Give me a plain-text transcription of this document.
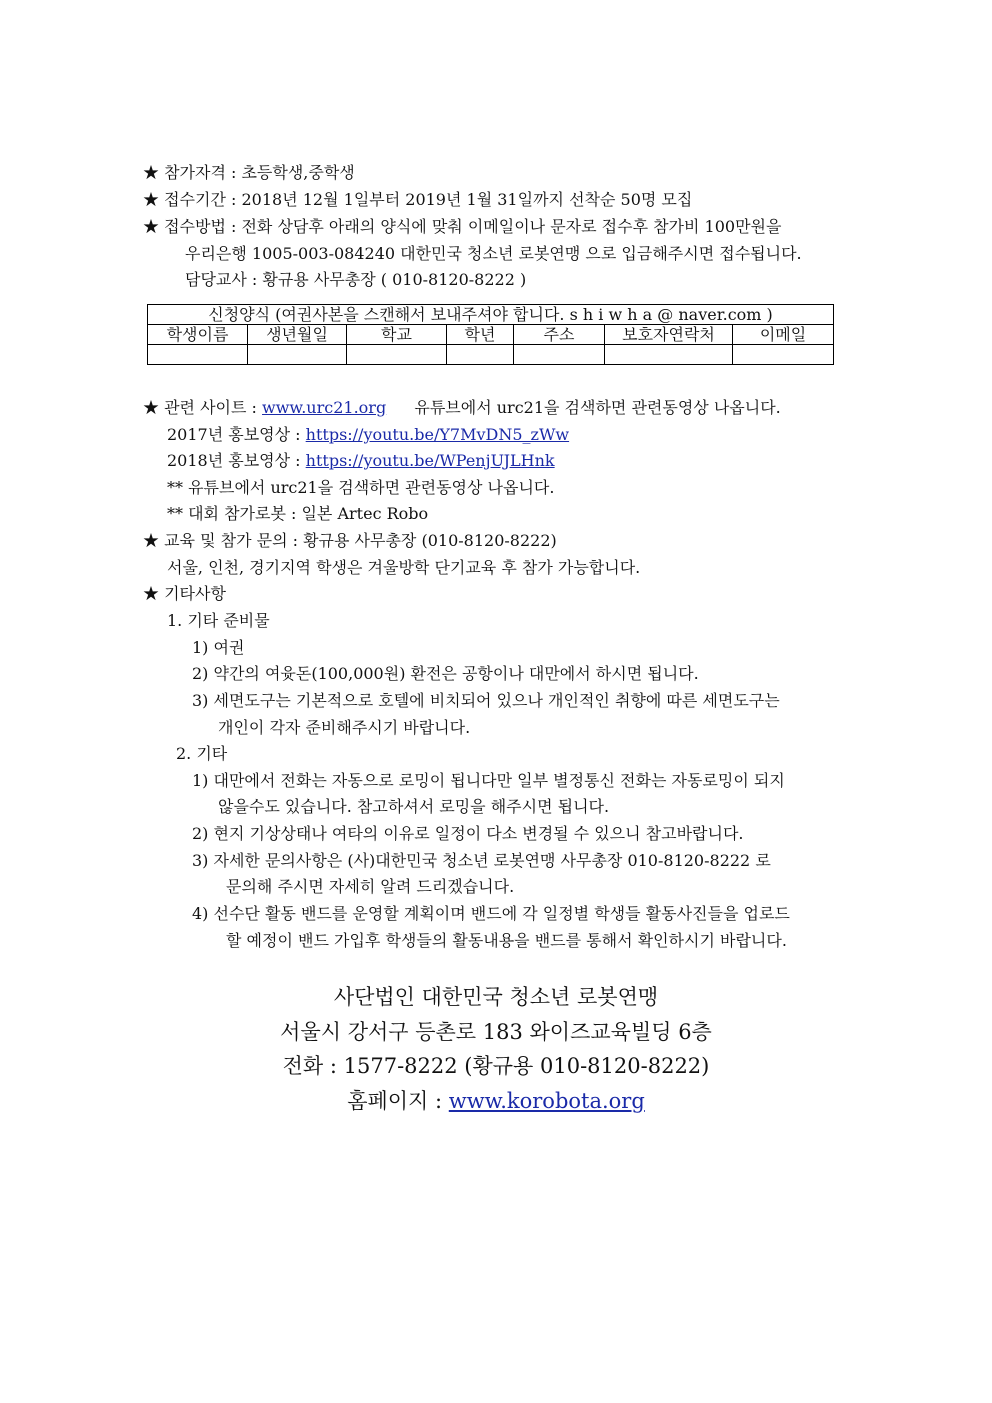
★ 참가자격 : 초등학생,중학생
★ 접수기간 : 2018년 12월 1일부터 2019년 1월 31일까지 선착순 50명 모집
★ 접수방법 : 전화 상담후 아래의 양식에 맞춰 이메일이나 문자로 접수후 참가비 100만원을
우리은행 1005-003-084240 대한민국 청소년 로봇연맹 으로 입금해주시면 접수됩니다.
담당교사 : 황규용 사무총장 ( 010-8120-8222 )
신청양식 (여권사본을 스캔해서 보내주셔야 합니다. s h i w h a @ naver.com )						
학생이름	생년월일	학교	학년	주소	보호자연락처	이메일

★ 관련 사이트 : www.urc21.org 유튜브에서 urc21을 검색하면 관련동영상 나옵니다.
2017년 홍보영상 : https://youtu.be/Y7MvDN5_zWw
2018년 홍보영상 : https://youtu.be/WPenjUJLHnk
** 유튜브에서 urc21을 검색하면 관련동영상 나옵니다.
** 대회 참가로봇 : 일본 Artec Robo
★ 교육 및 참가 문의 : 황규용 사무총장 (010-8120-8222)
서울, 인천, 경기지역 학생은 겨울방학 단기교육 후 참가 가능합니다.
★ 기타사항
1. 기타 준비물
1) 여권
2) 약간의 여윳돈(100,000원) 환전은 공항이나 대만에서 하시면 됩니다.
3) 세면도구는 기본적으로 호텔에 비치되어 있으나 개인적인 취향에 따른 세면도구는
개인이 각자 준비해주시기 바랍니다.
2. 기타
1) 대만에서 전화는 자동으로 로밍이 됩니다만 일부 별정통신 전화는 자동로밍이 되지
않을수도 있습니다. 참고하셔서 로밍을 해주시면 됩니다.
2) 현지 기상상태나 여타의 이유로 일정이 다소 변경될 수 있으니 참고바랍니다.
3) 자세한 문의사항은 (사)대한민국 청소년 로봇연맹 사무총장 010-8120-8222 로
문의해 주시면 자세히 알려 드리겠습니다.
4) 선수단 활동 밴드를 운영할 계획이며 밴드에 각 일정별 학생들 활동사진들을 업로드
할 예정이 밴드 가입후 학생들의 활동내용을 밴드를 통해서 확인하시기 바랍니다.
사단법인 대한민국 청소년 로봇연맹
서울시 강서구 등촌로 183 와이즈교육빌딩 6층
전화 : 1577-8222 (황규용 010-8120-8222)
홈페이지 : www.korobota.org
